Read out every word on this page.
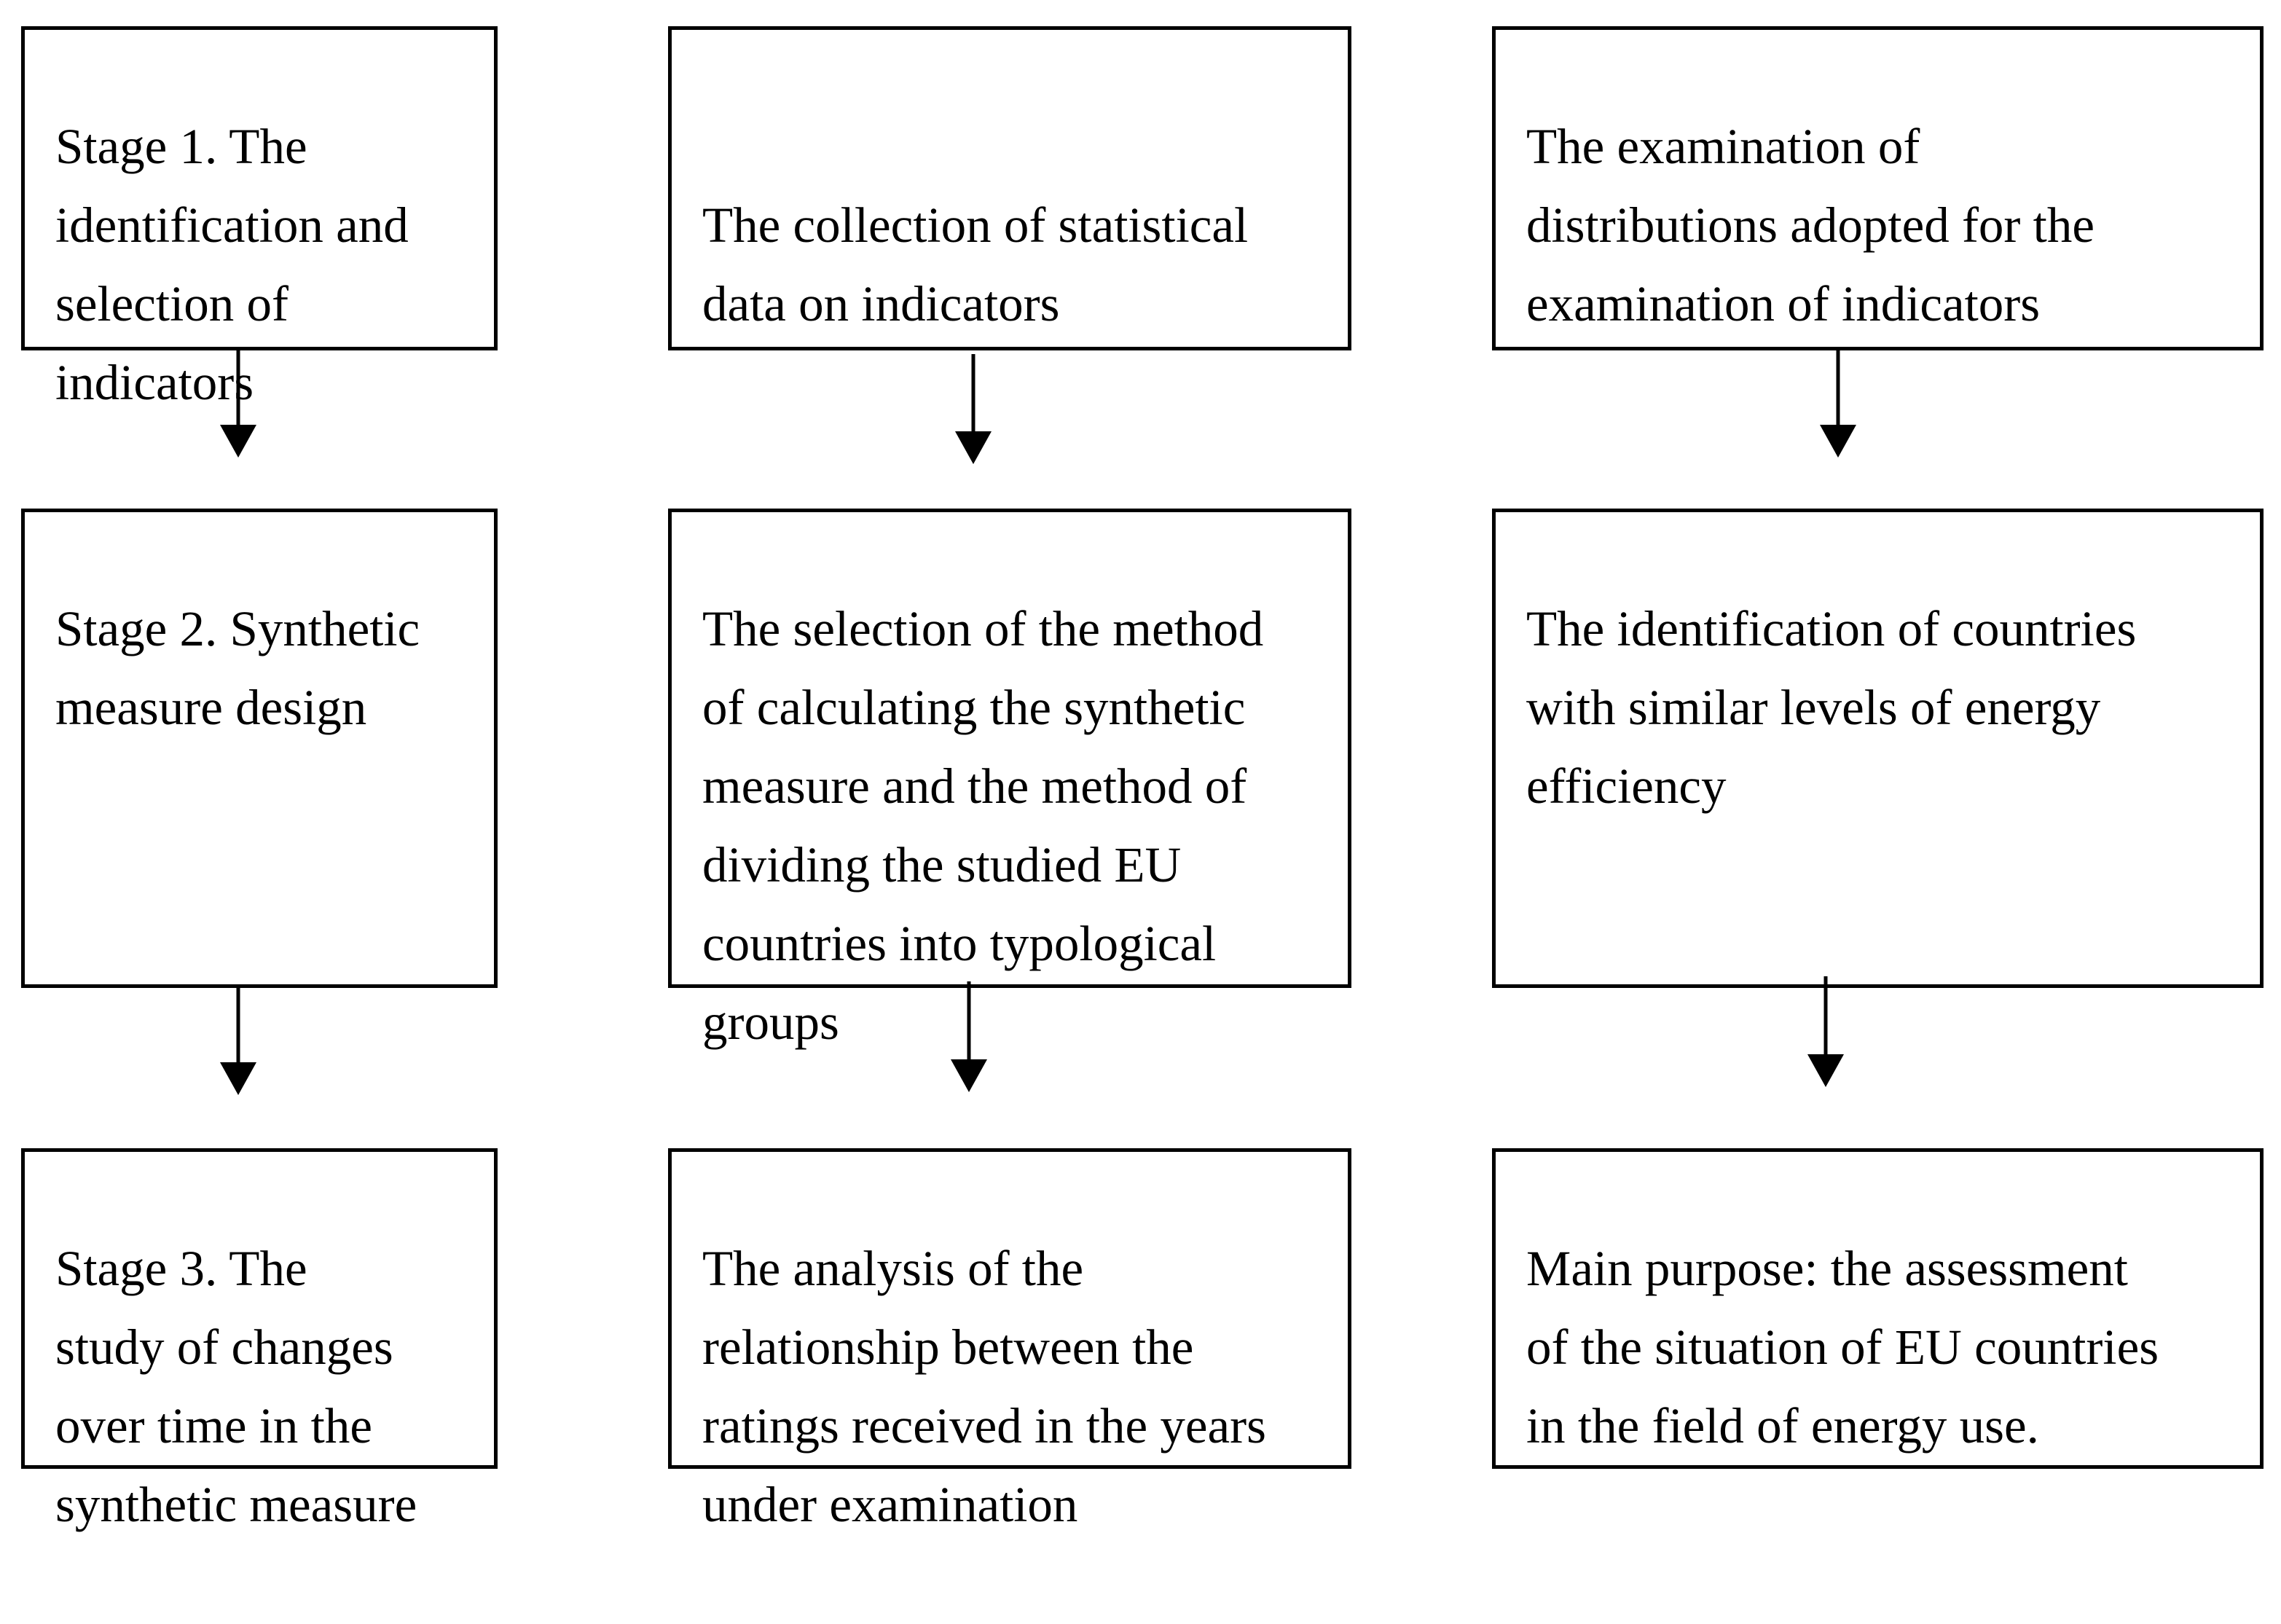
Stage 1. The
identification and
selection of
indicators

Stage 2. Synthetic
measure design

Stage 3. The
study of changes
over time in the
synthetic measure

The collection of statistical
data on indicators

The selection of the method
of calculating the synthetic
measure and the method of
dividing the studied EU
countries into typological
groups

The analysis of the
relationship between the
ratings received in the years
under examination

The examination of
distributions adopted for the
examination of indicators

The identification of countries
with similar levels of energy
efficiency

Main purpose: the assessment
of the situation of EU countries
in the field of energy use.
